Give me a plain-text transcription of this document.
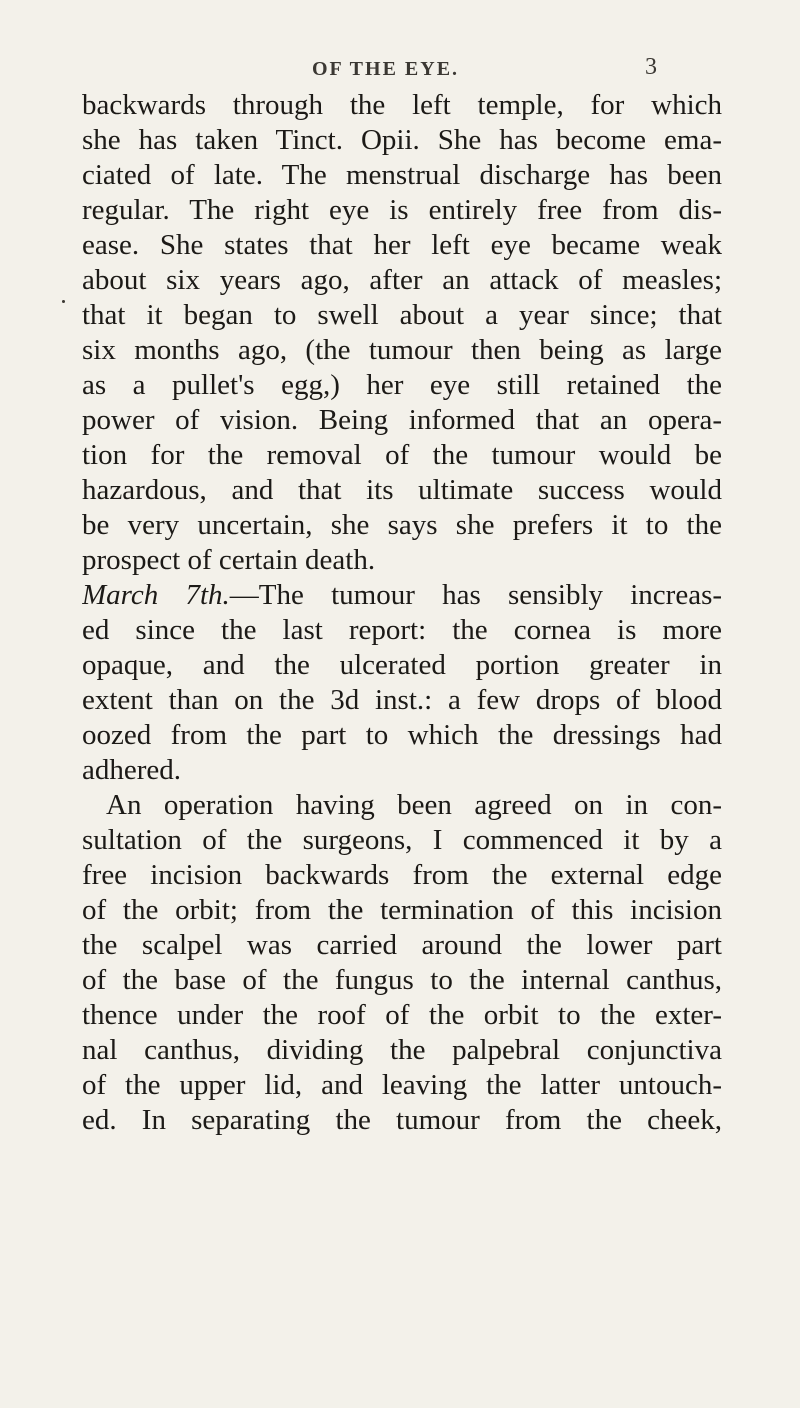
OF THE EYE.	3
backwards through the left temple, for which
she has taken Tinct. Opii. She has become ema-
ciated of late. The menstrual discharge has been
regular. The right eye is entirely free from dis-
ease. She states that her left eye became weak
about six years ago, after an attack of measles;
that it began to swell about a year since; that
six months ago, (the tumour then being as large
as a pullet's egg,) her eye still retained the
power of vision. Being informed that an opera-
tion for the removal of the tumour would be
hazardous, and that its ultimate success would
be very uncertain, she says she prefers it to the
prospect of certain death.
March 7th.—The tumour has sensibly increas-
ed since the last report: the cornea is more
opaque, and the ulcerated portion greater in
extent than on the 3d inst.: a few drops of blood
oozed from the part to which the dressings had
adhered.
An operation having been agreed on in con-
sultation of the surgeons, I commenced it by a
free incision backwards from the external edge
of the orbit; from the termination of this incision
the scalpel was carried around the lower part
of the base of the fungus to the internal canthus,
thence under the roof of the orbit to the exter-
nal canthus, dividing the palpebral conjunctiva
of the upper lid, and leaving the latter untouch-
ed. In separating the tumour from the cheek,
